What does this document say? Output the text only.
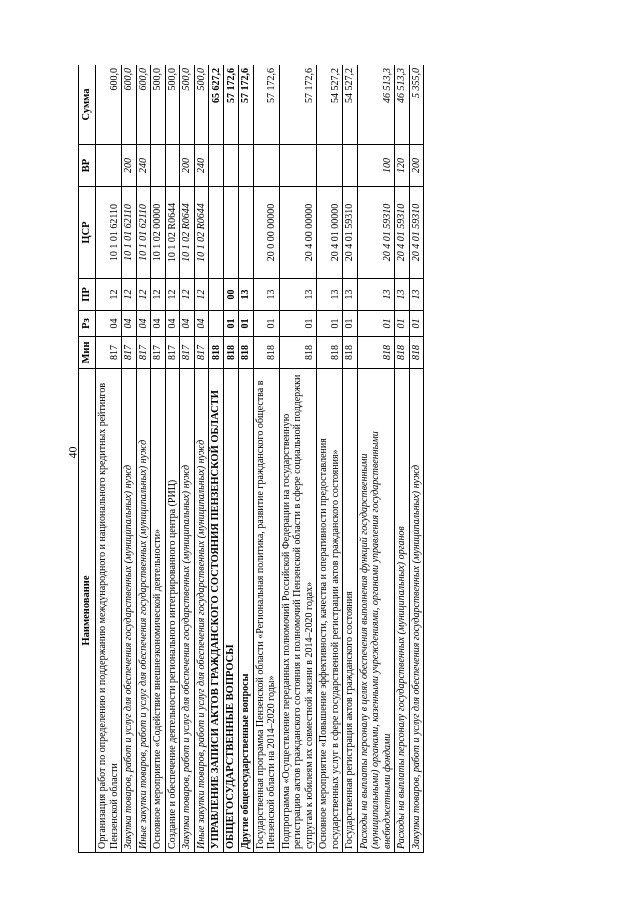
40
Наименование	Мин	Рз	ПР	ЦСР	ВР	Сумма
Организация работ по определению и поддержанию международного и национального кредитных рейтингов Пензенской области	817	04	12	10 1 01 62110		600,0
Закупка товаров, работ и услуг для обеспечения государственных (муниципальных) нужд	817	04	12	10 1 01 62110	200	600,0
Иные закупки товаров, работ и услуг для обеспечения государственных (муниципальных) нужд	817	04	12	10 1 01 62110	240	600,0
Основное мероприятие «Содействие внешнеэкономической деятельности»	817	04	12	10 1 02 00000		500,0
Создание и обеспечение деятельности регионального интегрированного центра (РИЦ)	817	04	12	10 1 02 R0644		500,0
Закупка товаров, работ и услуг для обеспечения государственных (муниципальных) нужд	817	04	12	10 1 02 R0644	200	500,0
Иные закупки товаров, работ и услуг для обеспечения государственных (муниципальных) нужд	817	04	12	10 1 02 R0644	240	500,0
УПРАВЛЕНИЕ ЗАПИСИ АКТОВ ГРАЖДАНСКОГО СОСТОЯНИЯ ПЕНЗЕНСКОЙ ОБЛАСТИ	818					65 627,2
ОБЩЕГОСУДАРСТВЕННЫЕ ВОПРОСЫ	818	01	00			57 172,6
Другие общегосударственные вопросы	818	01	13			57 172,6
Государственная программа Пензенской области «Региональная политика, развитие гражданского общества в Пензенской области на 2014–2020 годы»	818	01	13	20 0 00 00000		57 172,6
Подпрограмма «Осуществление переданных полномочий Российской Федерации на государственную регистрацию актов гражданского состояния и полномочий Пензенской области в сфере социальной поддержки супругам к юбилеям их совместной жизни в 2014–2020 годах»	818	01	13	20 4 00 00000		57 172,6
Основное мероприятие «Повышение эффективности, качества и оперативности предоставления государственных услуг в сфере государственной регистрации актов гражданского состояния»	818	01	13	20 4 01 00000		54 527,2
Государственная регистрация актов гражданского состояния	818	01	13	20 4 01 59310		54 527,2
Расходы на выплаты персоналу в целях обеспечения выполнения функций государственными (муниципальными) органами, казенными учреждениями, органами управления государственными внебюджетными фондами	818	01	13	20 4 01 59310	100	46 513,3
Расходы на выплаты персоналу государственных (муниципальных) органов	818	01	13	20 4 01 59310	120	46 513,3
Закупка товаров, работ и услуг для обеспечения государственных (муниципальных) нужд	818	01	13	20 4 01 59310	200	5 355,0
